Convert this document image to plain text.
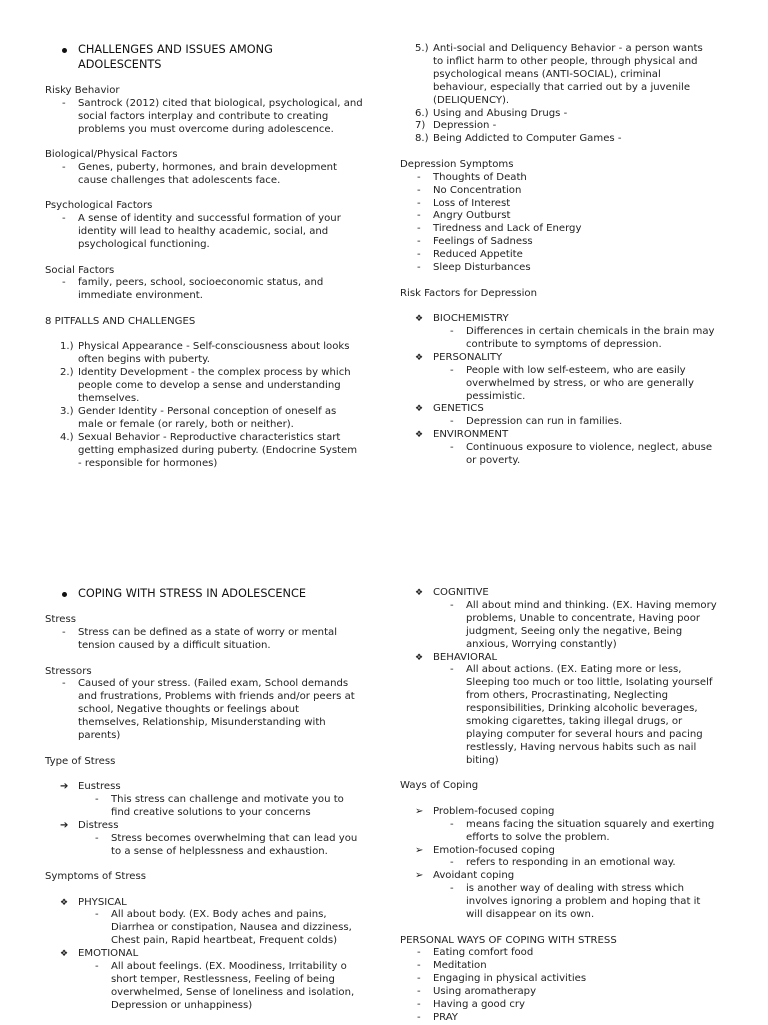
CHALLENGES AND ISSUES AMONG
ADOLESCENTS
Risky Behavior
- Santrock (2012) cited that biological, psychological, and
social factors interplay and contribute to creating
problems you must overcome during adolescence.
Biological/Physical Factors
- Genes, puberty, hormones, and brain development
cause challenges that adolescents face.
Psychological Factors
- A sense of identity and successful formation of your
identity will lead to healthy academic, social, and
psychological functioning.
Social Factors
- family, peers, school, socioeconomic status, and
immediate environment.
8 PITFALLS AND CHALLENGES
1.) Physical Appearance - Self-consciousness about looks
often begins with puberty.
2.) Identity Development - the complex process by which
people come to develop a sense and understanding
themselves.
3.) Gender Identity - Personal conception of oneself as
male or female (or rarely, both or neither).
4.) Sexual Behavior - Reproductive characteristics start
getting emphasized during puberty. (Endocrine System
- responsible for hormones)
5.) Anti-social and Deliquency Behavior - a person wants
to inflict harm to other people, through physical and
psychological means (ANTI-SOCIAL), criminal
behaviour, especially that carried out by a juvenile
(DELIQUENCY).
6.) Using and Abusing Drugs -
7) Depression -
8.) Being Addicted to Computer Games -
Depression Symptoms
- Thoughts of Death
- No Concentration
- Loss of Interest
- Angry Outburst
- Tiredness and Lack of Energy
- Feelings of Sadness
- Reduced Appetite
- Sleep Disturbances
Risk Factors for Depression
❖ BIOCHEMISTRY
- Differences in certain chemicals in the brain may
contribute to symptoms of depression.
❖ PERSONALITY
- People with low self-esteem, who are easily
overwhelmed by stress, or who are generally
pessimistic.
❖ GENETICS
- Depression can run in families.
❖ ENVIRONMENT
- Continuous exposure to violence, neglect, abuse
or poverty.
COPING WITH STRESS IN ADOLESCENCE
Stress
- Stress can be defined as a state of worry or mental
tension caused by a difficult situation.
Stressors
- Caused of your stress. (Failed exam, School demands
and frustrations, Problems with friends and/or peers at
school, Negative thoughts or feelings about
themselves, Relationship, Misunderstanding with
parents)
Type of Stress
➔ Eustress
- This stress can challenge and motivate you to
find creative solutions to your concerns
➔ Distress
- Stress becomes overwhelming that can lead you
to a sense of helplessness and exhaustion.
Symptoms of Stress
❖ PHYSICAL
- All about body. (EX. Body aches and pains,
Diarrhea or constipation, Nausea and dizziness,
Chest pain, Rapid heartbeat, Frequent colds)
❖ EMOTIONAL
- All about feelings. (EX. Moodiness, Irritability o
short temper, Restlessness, Feeling of being
overwhelmed, Sense of loneliness and isolation,
Depression or unhappiness)
❖ COGNITIVE
- All about mind and thinking. (EX. Having memory
problems, Unable to concentrate, Having poor
judgment, Seeing only the negative, Being
anxious, Worrying constantly)
❖ BEHAVIORAL
- All about actions. (EX. Eating more or less,
Sleeping too much or too little, Isolating yourself
from others, Procrastinating, Neglecting
responsibilities, Drinking alcoholic beverages,
smoking cigarettes, taking illegal drugs, or
playing computer for several hours and pacing
restlessly, Having nervous habits such as nail
biting)
Ways of Coping
➢ Problem-focused coping
- means facing the situation squarely and exerting
efforts to solve the problem.
➢ Emotion-focused coping
- refers to responding in an emotional way.
➢ Avoidant coping
- is another way of dealing with stress which
involves ignoring a problem and hoping that it
will disappear on its own.
PERSONAL WAYS OF COPING WITH STRESS
- Eating comfort food
- Meditation
- Engaging in physical activities
- Using aromatherapy
- Having a good cry
- PRAY
